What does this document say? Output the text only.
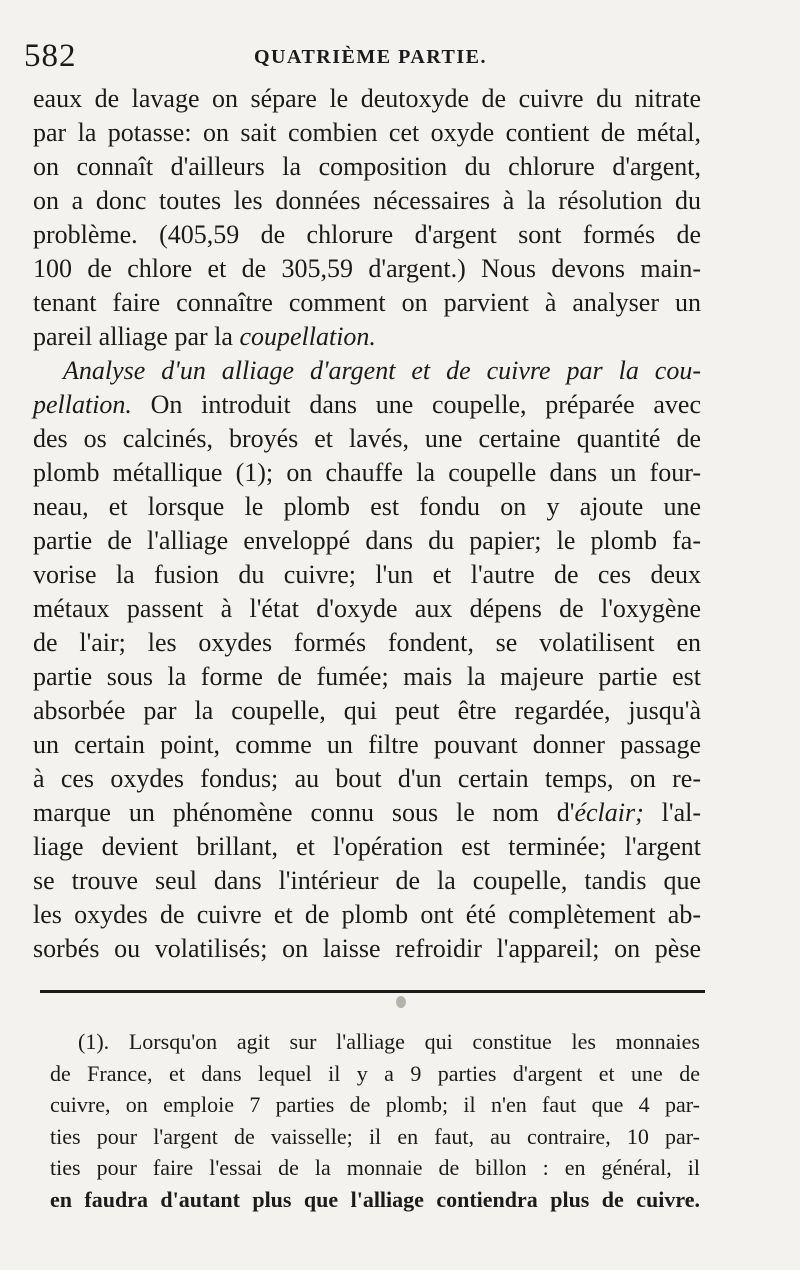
582	QUATRIÈME PARTIE.
eaux de lavage on sépare le deutoxyde de cuivre du nitrate
par la potasse: on sait combien cet oxyde contient de métal,
on connaît d'ailleurs la composition du chlorure d'argent,
on a donc toutes les données nécessaires à la résolution du
problème. (405,59 de chlorure d'argent sont formés de
100 de chlore et de 305,59 d'argent.) Nous devons main-
tenant faire connaître comment on parvient à analyser un
pareil alliage par la coupellation.
Analyse d'un alliage d'argent et de cuivre par la cou-
pellation. On introduit dans une coupelle, préparée avec
des os calcinés, broyés et lavés, une certaine quantité de
plomb métallique (1); on chauffe la coupelle dans un four-
neau, et lorsque le plomb est fondu on y ajoute une
partie de l'alliage enveloppé dans du papier; le plomb fa-
vorise la fusion du cuivre; l'un et l'autre de ces deux
métaux passent à l'état d'oxyde aux dépens de l'oxygène
de l'air; les oxydes formés fondent, se volatilisent en
partie sous la forme de fumée; mais la majeure partie est
absorbée par la coupelle, qui peut être regardée, jusqu'à
un certain point, comme un filtre pouvant donner passage
à ces oxydes fondus; au bout d'un certain temps, on re-
marque un phénomène connu sous le nom d'éclair; l'al-
liage devient brillant, et l'opération est terminée; l'argent
se trouve seul dans l'intérieur de la coupelle, tandis que
les oxydes de cuivre et de plomb ont été complètement ab-
sorbés ou volatilisés; on laisse refroidir l'appareil; on pèse
(1). Lorsqu'on agit sur l'alliage qui constitue les monnaies
de France, et dans lequel il y a 9 parties d'argent et une de
cuivre, on emploie 7 parties de plomb; il n'en faut que 4 par-
ties pour l'argent de vaisselle; il en faut, au contraire, 10 par-
ties pour faire l'essai de la monnaie de billon : en général, il
en faudra d'autant plus que l'alliage contiendra plus de cuivre.
